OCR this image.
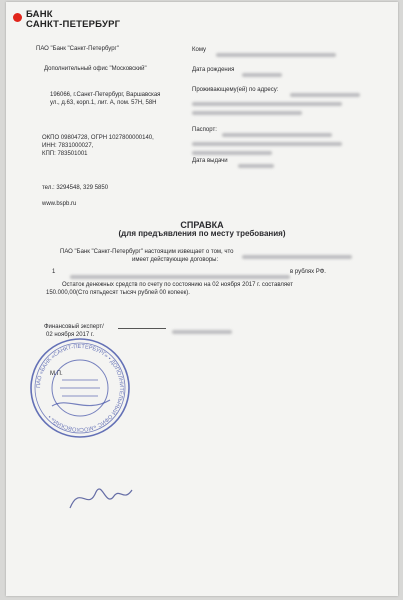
БАНК
САНКТ-ПЕТЕРБУРГ
ПАО "Банк "Санкт-Петербург"
Дополнительный офис "Московский"
196066, г.Санкт-Петербург, Варшавская
ул., д.63, корп.1, лит. А, пом. 57Н, 58Н
ОКПО 09804728, ОГРН 1027800000140,
ИНН: 7831000027,
КПП: 783501001
тел.: 3294548, 329 5850
www.bspb.ru
Кому
Дата рождения
Проживающему(ей) по адресу:
Паспорт:
Дата выдачи
СПРАВКА
(для предъявления по месту требования)
ПАО "Банк "Санкт-Петербург" настоящим извещает о том, что
имеет действующие договоры:
1	в рублях РФ.
Остаток денежных средств по счету по состоянию на 02 ноября 2017 г. составляет
150.000,00(Сто пятьдесят тысяч рублей 00 копеек).
Финансовый эксперт/
02 ноября 2017 г.
М.П.
ПАО «БАНК «САНКТ-ПЕТЕРБУРГ» • ДОПОЛНИТЕЛЬНЫЙ ОФИС «МОСКОВСКИЙ» •
